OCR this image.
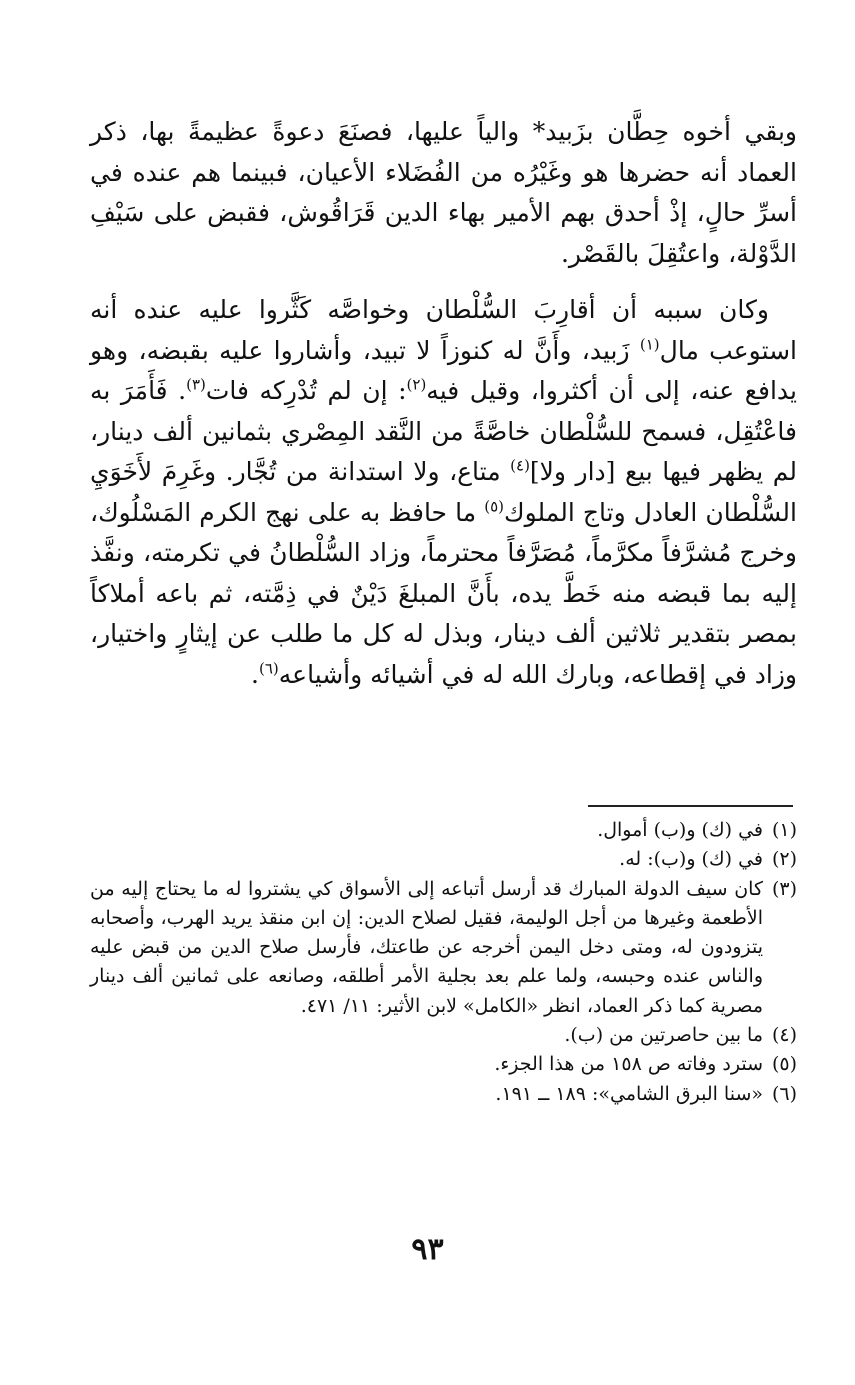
وبقي أخوه حِطَّان بزَبيد* والياً عليها، فصنَعَ دعوةً عظيمةً بها، ذكر العماد أنه حضرها هو وغَيْرُه من الفُضَلاء الأعيان، فبينما هم عنده في أسرِّ حالٍ، إذْ أحدق بهم الأمير بهاء الدين قَرَاقُوش، فقبض على سَيْفِ الدَّوْلة، واعتُقِلَ بالقَصْر.

وكان سببه أن أقارِبَ السُّلْطان وخواصَّه كَثَّروا عليه عنده أنه استوعب مال$^{(١)}$ زَبيد، وأَنَّ له كنوزاً لا تبيد، وأشاروا عليه بقبضه، وهو يدافع عنه، إلى أن أكثروا، وقيل فيه$^{(٢)}$: إن لم تُدْرِكه فات$^{(٣)}$. فَأَمَرَ به فاعْتُقِل، فسمح للسُّلْطان خاصَّةً من النَّقد المِصْري بثمانين ألف دينار، لم يظهر فيها بيع [دار ولا]$^{(٤)}$ متاع، ولا استدانة من تُجَّار. وغَرِمَ لأَخَوَيِ السُّلْطان العادل وتاج الملوك$^{(٥)}$ ما حافظ به على نهج الكرم المَسْلُوك، وخرج مُشرَّفاً مكرَّماً، مُصَرَّفاً محترماً، وزاد السُّلْطانُ في تكرمته، ونفَّذ إليه بما قبضه منه خَطَّ يده، بأَنَّ المبلغَ دَيْنٌ في ذِمَّته، ثم باعه أملاكاً بمصر بتقدير ثلاثين ألف دينار، وبذل له كل ما طلب عن إيثارٍ واختيار، وزاد في إقطاعه، وبارك الله له في أشيائه وأشياعه$^{(٦)}$.

(١)
في (ك) و(ب) أموال.
(٢)
في (ك) و(ب): له.
(٣)
كان سيف الدولة المبارك قد أرسل أتباعه إلى الأسواق كي يشتروا له ما يحتاج إليه من الأطعمة وغيرها من أجل الوليمة، فقيل لصلاح الدين: إن ابن منقذ يريد الهرب، وأصحابه يتزودون له، ومتى دخل اليمن أخرجه عن طاعتك، فأرسل صلاح الدين من قبض عليه والناس عنده وحبسه، ولما علم بعد بجلية الأمر أطلقه، وصانعه على ثمانين ألف دينار مصرية كما ذكر العماد، انظر «الكامل» لابن الأثير: ١١/ ٤٧١.
(٤)
ما بين حاصرتين من (ب).
(٥)
سترد وفاته ص ١٥٨ من هذا الجزء.
(٦)
«سنا البرق الشامي»: ١٨٩ ــ ١٩١.
٩٣
